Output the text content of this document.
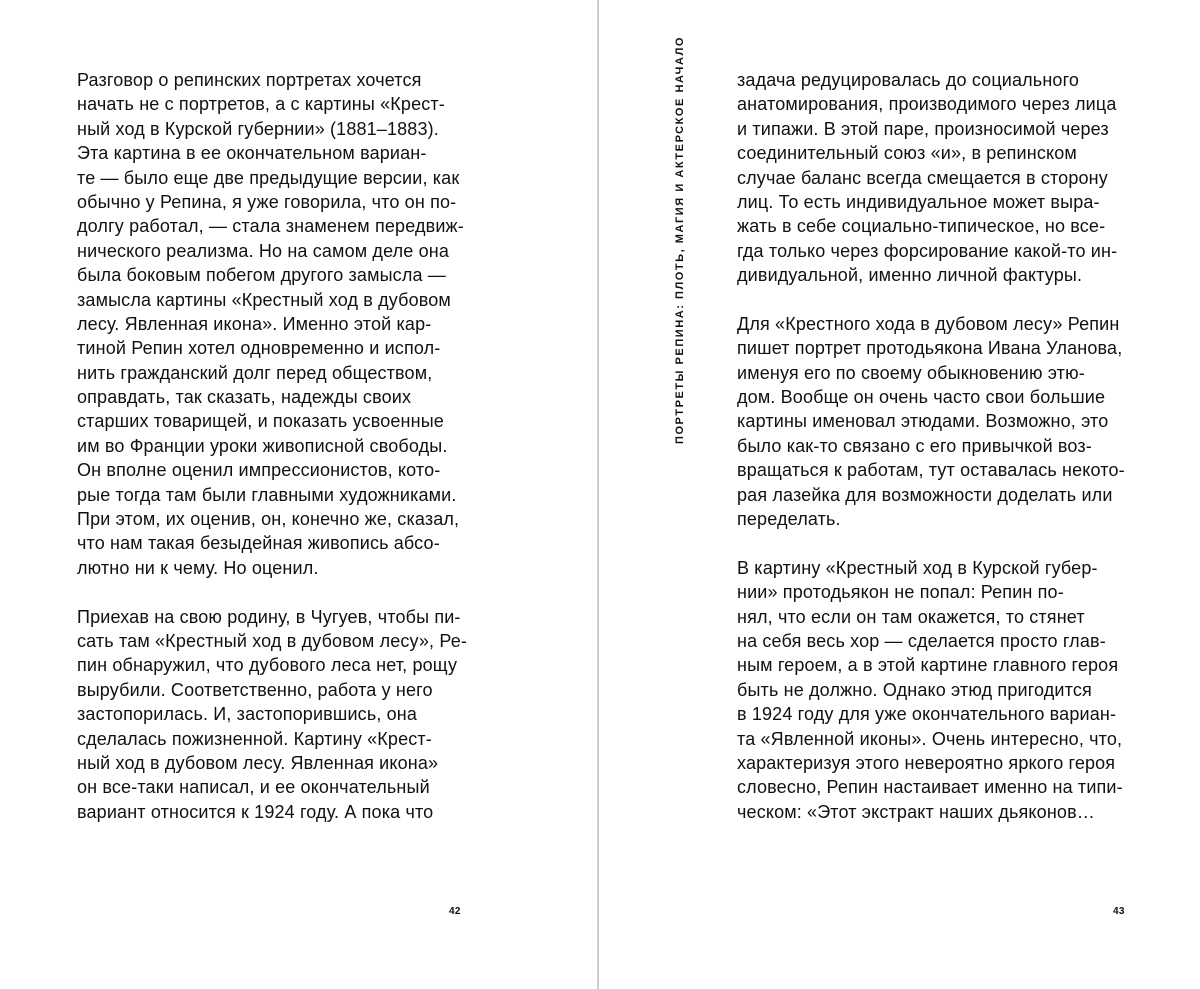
Разговор о репинских портретах хочется
начать не с портретов, а с картины «Крест-
ный ход в Курской губернии» (1881–1883).
Эта картина в ее окончательном вариан-
те — было еще две предыдущие версии, как
обычно у Репина, я уже говорила, что он по-
долгу работал, — стала знаменем передвиж-
нического реализма. Но на самом деле она
была боковым побегом другого замысла —
замысла картины «Крестный ход в дубовом
лесу. Явленная икона». Именно этой кар-
тиной Репин хотел одновременно и испол-
нить гражданский долг перед обществом,
оправдать, так сказать, надежды своих
старших товарищей, и показать усвоенные
им во Франции уроки живописной свободы.
Он вполне оценил импрессионистов, кото-
рые тогда там были главными художниками.
При этом, их оценив, он, конечно же, сказал,
что нам такая безыдейная живопись абсо-
лютно ни к чему. Но оценил.
Приехав на свою родину, в Чугуев, чтобы пи-
сать там «Крестный ход в дубовом лесу», Ре-
пин обнаружил, что дубового леса нет, рощу
вырубили. Соответственно, работа у него
застопорилась. И, застопорившись, она
сделалась пожизненной. Картину «Крест-
ный ход в дубовом лесу. Явленная икона»
он все-таки написал, и ее окончательный
вариант относится к 1924 году. А пока что
42
ПОРТРЕТЫ РЕПИНА: ПЛОТЬ, МАГИЯ И АКТЕРСКОЕ НАЧАЛО	задача редуцировалась до социального
анатомирования, производимого через лица
и типажи. В этой паре, произносимой через
соединительный союз «и», в репинском
случае баланс всегда смещается в сторону
лиц. То есть индивидуальное может выра-
жать в себе социально-типическое, но все-
гда только через форсирование какой-то ин-
дивидуальной, именно личной фактуры.
Для «Крестного хода в дубовом лесу» Репин
пишет портрет протодьякона Ивана Уланова,
именуя его по своему обыкновению этю-
дом. Вообще он очень часто свои большие
картины именовал этюдами. Возможно, это
было как-то связано с его привычкой воз-
вращаться к работам, тут оставалась некото-
рая лазейка для возможности доделать или
переделать.
В картину «Крестный ход в Курской губер-
нии» протодьякон не попал: Репин по-
нял, что если он там окажется, то стянет
на себя весь хор — сделается просто глав-
ным героем, а в этой картине главного героя
быть не должно. Однако этюд пригодится
в 1924 году для уже окончательного вариан-
та «Явленной иконы». Очень интересно, что,
характеризуя этого невероятно яркого героя
словесно, Репин настаивает именно на типи-
ческом: «Этот экстракт наших дьяконов…
43
